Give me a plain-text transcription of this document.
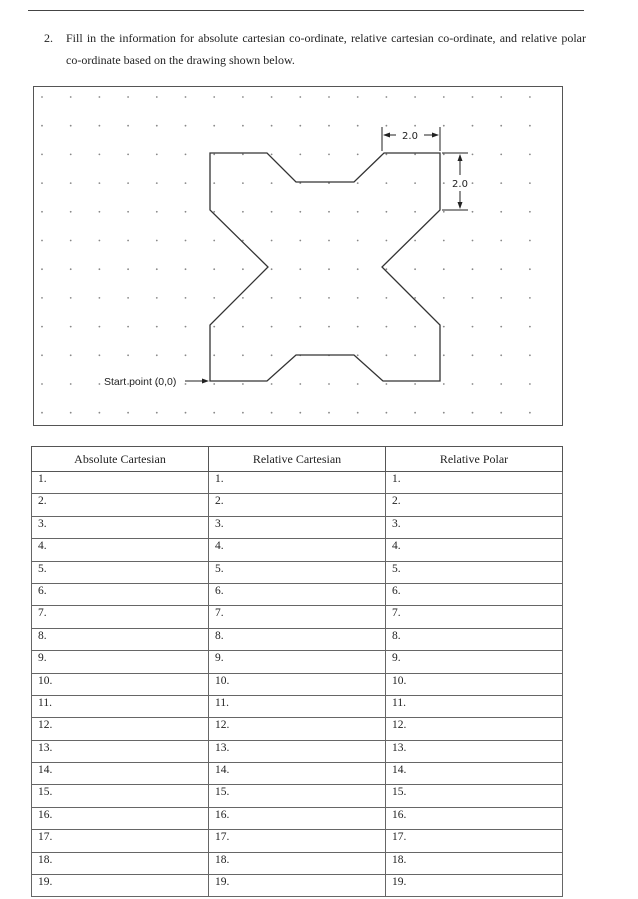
2. Fill in the information for absolute cartesian co-ordinate, relative cartesian co-ordinate, and relative polar co-ordinate based on the drawing shown below.
2.0
2.0
Start point (0,0)
Absolute Cartesian	Relative Cartesian	Relative Polar
1.	1.	1.
2.	2.	2.
3.	3.	3.
4.	4.	4.
5.	5.	5.
6.	6.	6.
7.	7.	7.
8.	8.	8.
9.	9.	9.
10.	10.	10.
11.	11.	11.
12.	12.	12.
13.	13.	13.
14.	14.	14.
15.	15.	15.
16.	16.	16.
17.	17.	17.
18.	18.	18.
19.	19.	19.
